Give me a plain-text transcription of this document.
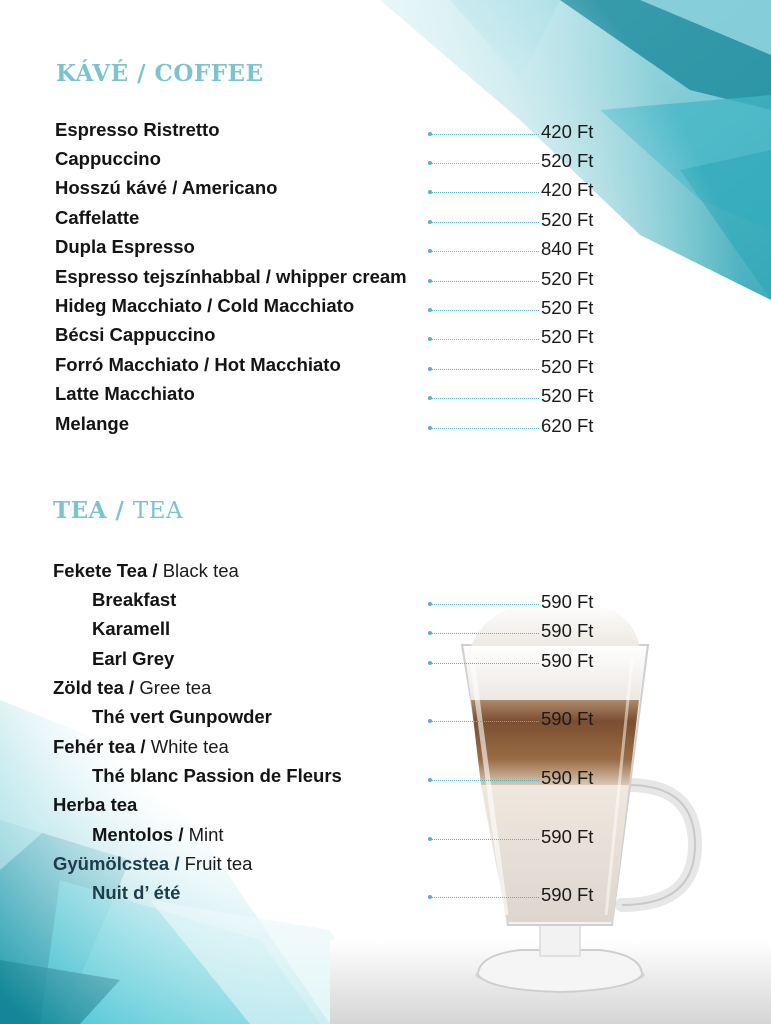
KÁVÉ / COFFEE
Espresso Ristretto	420 Ft
Cappuccino	520 Ft
Hosszú kávé / Americano	420 Ft
Caffelatte	520 Ft
Dupla Espresso	840 Ft
Espresso tejszínhabbal / whipper cream	520 Ft
Hideg Macchiato / Cold Macchiato	520 Ft
Bécsi Cappuccino	520 Ft
Forró Macchiato / Hot Macchiato	520 Ft
Latte Macchiato	520 Ft
Melange	620 Ft
TEA / TEA
Fekete Tea / Black tea
Breakfast	590 Ft
Karamell	590 Ft
Earl Grey	590 Ft
Zöld tea / Gree tea
Thé vert Gunpowder	590 Ft
Fehér tea / White tea
Thé blanc Passion de Fleurs	590 Ft
Herba tea
Mentolos / Mint	590 Ft
Gyümölcstea / Fruit tea
Nuit d’ été	590 Ft
